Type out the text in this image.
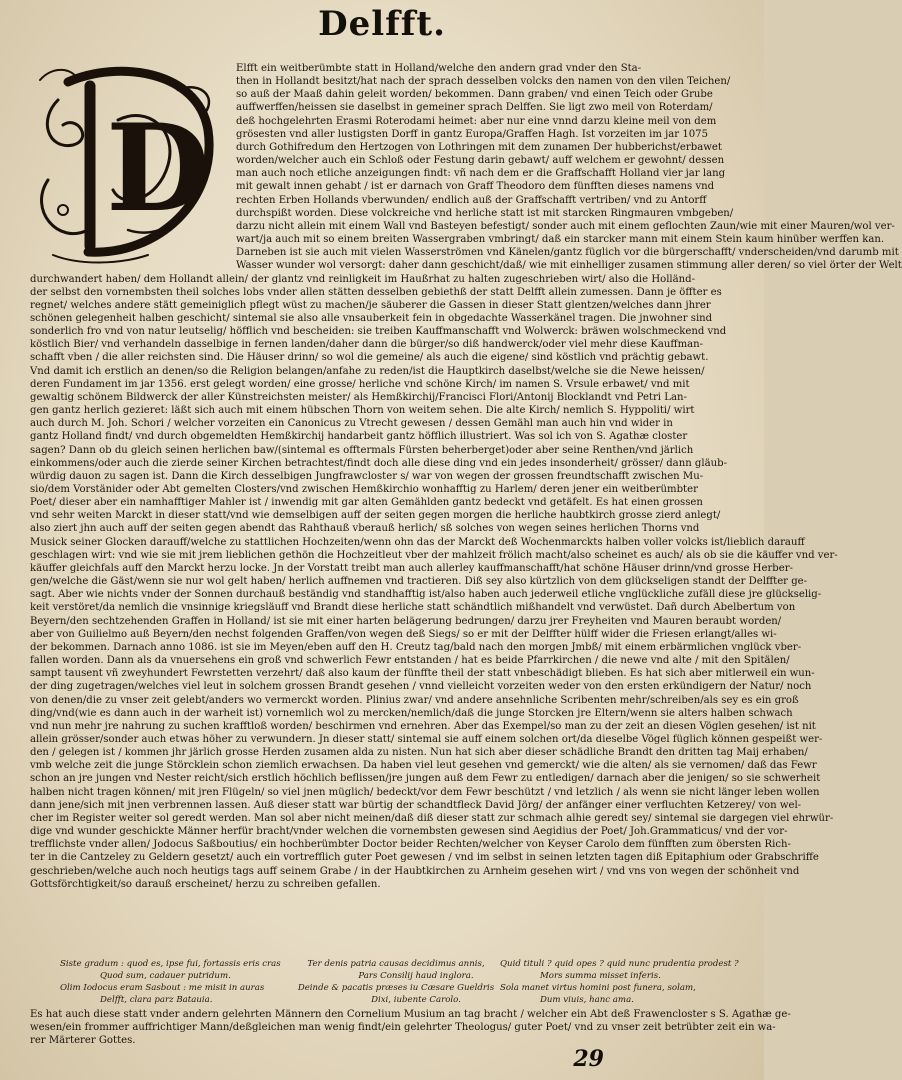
Delfft.
D
Elfft ein weitberümbte statt in Holland/welche den andern grad vnder den Sta-
then in Hollandt besitzt/hat nach der sprach desselben volcks den namen von den vilen Teichen/
so auß der Maaß dahin geleit worden/ bekommen. Dann graben/ vnd einen Teich oder Grube
auffwerffen/heissen sie daselbst in gemeiner sprach Delffen. Sie ligt zwo meil von Roterdam/
deß hochgelehrten Erasmi Roterodami heimet: aber nur eine vnnd darzu kleine meil von dem
grösesten vnd aller lustigsten Dorff in gantz Europa/Graffen Hagh. Ist vorzeiten im jar 1075
durch Gothifredum den Hertzogen von Lothringen mit dem zunamen Der hubberichst/erbawet
worden/welcher auch ein Schloß oder Festung darin gebawt/ auff welchem er gewohnt/ dessen
man auch noch etliche anzeigungen findt: vñ nach dem er die Graffschafft Holland vier jar lang
mit gewalt innen gehabt / ist er darnach von Graff Theodoro dem fünfften dieses namens vnd
rechten Erben Hollands vberwunden/ endlich auß der Graffschafft vertriben/ vnd zu Antorff
durchspißt worden. Diese volckreiche vnd herliche statt ist mit starcken Ringmauren vmbgeben/
darzu nicht allein mit einem Wall vnd Basteyen befestigt/ sonder auch mit einem geflochten Zaun/wie mit einer Mauren/wol ver-
wart/ja auch mit so einem breiten Wassergraben vmbringt/ daß ein starcker mann mit einem Stein kaum hinüber werffen kan.
Darneben ist sie auch mit vielen Wasserströmen vnd Känelen/gantz füglich vor die bürgerschafft/ vnderscheiden/vnd darumb mit
Wasser wunder wol versorgt: daher dann geschicht/daß/ wie mit einhelliger zusamen stimmung aller deren/ so viel örter der Welt
durchwandert haben/ dem Hollandt allein/ der glantz vnd reinligkeit im Haußrhat zu halten zugeschrieben wirt/ also die Holländ-
der selbst den vornembsten theil solches lobs vnder allen stätten desselben gebiethß der statt Delfft allein zumessen. Dann je öffter es
regnet/ welches andere stätt gemeiniglich pflegt wüst zu machen/je säuberer die Gassen in dieser Statt glentzen/welches dann jhrer
schönen gelegenheit halben geschicht/ sintemal sie also alle vnsauberkeit fein in obgedachte Wasserkänel tragen. Die jnwohner sind
sonderlich fro vnd von natur leutselig/ höfflich vnd bescheiden: sie treiben Kauffmanschafft vnd Wolwerck: bräwen wolschmeckend vnd
köstlich Bier/ vnd verhandeln dasselbige in fernen landen/daher dann die bürger/so diß handwerck/oder viel mehr diese Kauffman-
schafft vben / die aller reichsten sind. Die Häuser drinn/ so wol die gemeine/ als auch die eigene/ sind köstlich vnd prächtig gebawt.
Vnd damit ich erstlich an denen/so die Religion belangen/anfahe zu reden/ist die Hauptkirch daselbst/welche sie die Newe heissen/
deren Fundament im jar 1356. erst gelegt worden/ eine grosse/ herliche vnd schöne Kirch/ im namen S. Vrsule erbawet/ vnd mit
gewaltig schönem Bildwerck der aller Künstreichsten meister/ als Hemßkirchij/Francisci Flori/Antonij Blocklandt vnd Petri Lan-
gen gantz herlich gezieret: läßt sich auch mit einem hübschen Thorn von weitem sehen. Die alte Kirch/ nemlich S. Hyppoliti/ wirt
auch durch M. Joh. Schori / welcher vorzeiten ein Canonicus zu Vtrecht gewesen / dessen Gemähl man auch hin vnd wider in
gantz Holland findt/ vnd durch obgemeldten Hemßkirchij handarbeit gantz höfflich illustriert. Was sol ich von S. Agathæ closter
sagen? Dann ob du gleich seinen herlichen baw/(sintemal es offtermals Fürsten beherberget)oder aber seine Renthen/vnd järlich
einkommens/oder auch die zierde seiner Kirchen betrachtest/findt doch alle diese ding vnd ein jedes insonderheit/ grösser/ dann gläub-
würdig dauon zu sagen ist. Dann die Kirch desselbigen Jungfrawcloster s/ war von wegen der grossen freundtschafft zwischen Mu-
sio/dem Vorstänider oder Abt gemelten Closters/vnd zwischen Hemßkirchio wonhafftig zu Harlem/ deren jener ein weitberümbter
Poet/ dieser aber ein namhafftiger Mahler ist / inwendig mit gar alten Gemählden gantz bedeckt vnd getäfelt. Es hat einen grossen
vnd sehr weiten Marckt in dieser statt/vnd wie demselbigen auff der seiten gegen morgen die herliche haubtkirch grosse zierd anlegt/
also ziert jhn auch auff der seiten gegen abendt das Rahthauß vberauß herlich/ sß solches von wegen seines herlichen Thorns vnd
Musick seiner Glocken darauff/welche zu stattlichen Hochzeiten/wenn ohn das der Marckt deß Wochenmarckts halben voller volcks ist/lieblich darauff
geschlagen wirt: vnd wie sie mit jrem lieblichen gethön die Hochzeitleut vber der mahlzeit frölich macht/also scheinet es auch/ als ob sie die käuffer vnd ver-
käuffer gleichfals auff den Marckt herzu locke. Jn der Vorstatt treibt man auch allerley kauffmanschafft/hat schöne Häuser drinn/vnd grosse Herber-
gen/welche die Gäst/wenn sie nur wol gelt haben/ herlich auffnemen vnd tractieren. Diß sey also kürtzlich von dem glückseligen standt der Delffter ge-
sagt. Aber wie nichts vnder der Sonnen durchauß beständig vnd standhafftig ist/also haben auch jederweil etliche vnglückliche zufäll diese jre glückselig-
keit verstöret/da nemlich die vnsinnige kriegsläuff vnd Brandt diese herliche statt schändtlich mißhandelt vnd verwüstet. Dañ durch Abelbertum von
Beyern/den sechtzehenden Graffen in Holland/ ist sie mit einer harten belägerung bedrungen/ darzu jrer Freyheiten vnd Mauren beraubt worden/
aber von Guilielmo auß Beyern/den nechst folgenden Graffen/von wegen deß Siegs/ so er mit der Delffter hülff wider die Friesen erlangt/alles wi-
der bekommen. Darnach anno 1086. ist sie im Meyen/eben auff den H. Creutz tag/bald nach den morgen Jmbß/ mit einem erbärmlichen vnglück vber-
fallen worden. Dann als da vnuersehens ein groß vnd schwerlich Fewr entstanden / hat es beide Pfarrkirchen / die newe vnd alte / mit den Spitälen/
sampt tausent vñ zweyhundert Fewrstetten verzehrt/ daß also kaum der fünffte theil der statt vnbeschädigt blieben. Es hat sich aber mitlerweil ein wun-
der ding zugetragen/welches viel leut in solchem grossen Brandt gesehen / vnnd vielleicht vorzeiten weder von den ersten erkündigern der Natur/ noch
von denen/die zu vnser zeit gelebt/anders wo vermerckt worden. Plinius zwar/ vnd andere ansehnliche Scribenten mehr/schreiben/als sey es ein groß
ding/vnd(wie es dann auch in der warheit ist) vornemlich wol zu mercken/nemlich/daß die junge Storcken jre Eltern/wenn sie alters halben schwach
vnd nun mehr jre nahrung zu suchen krafftloß worden/ beschirmen vnd ernehren. Aber das Exempel/so man zu der zeit an diesen Vöglen gesehen/ ist nit
allein grösser/sonder auch etwas höher zu verwundern. Jn dieser statt/ sintemal sie auff einem solchen ort/da dieselbe Vögel füglich können gespeißt wer-
den / gelegen ist / kommen jhr järlich grosse Herden zusamen alda zu nisten. Nun hat sich aber dieser schädliche Brandt den dritten tag Maij erhaben/
vmb welche zeit die junge Störcklein schon ziemlich erwachsen. Da haben viel leut gesehen vnd gemerckt/ wie die alten/ als sie vernomen/ daß das Fewr
schon an jre jungen vnd Nester reicht/sich erstlich höchlich beflissen/jre jungen auß dem Fewr zu entledigen/ darnach aber die jenigen/ so sie schwerheit
halben nicht tragen können/ mit jren Flügeln/ so viel jnen müglich/ bedeckt/vor dem Fewr beschützt / vnd letzlich / als wenn sie nicht länger leben wollen
dann jene/sich mit jnen verbrennen lassen. Auß dieser statt war bürtig der schandtfleck David Jörg/ der anfänger einer verfluchten Ketzerey/ von wel-
cher im Register weiter sol geredt werden. Man sol aber nicht meinen/daß diß dieser statt zur schmach alhie geredt sey/ sintemal sie dargegen viel ehrwür-
dige vnd wunder geschickte Männer herfür bracht/vnder welchen die vornembsten gewesen sind Aegidius der Poet/ Joh.Grammaticus/ vnd der vor-
trefflichste vnder allen/ Jodocus Saßboutius/ ein hochberümbter Doctor beider Rechten/welcher von Keyser Carolo dem fünfften zum öbersten Rich-
ter in die Cantzeley zu Geldern gesetzt/ auch ein vortrefflich guter Poet gewesen / vnd im selbst in seinen letzten tagen diß Epitaphium oder Grabschriffe
geschrieben/welche auch noch heutigs tags auff seinem Grabe / in der Haubtkirchen zu Arnheim gesehen wirt / vnd vns von wegen der schönheit vnd
Gottsförchtigkeit/so darauß erscheinet/ herzu zu schreiben gefallen.
Siste gradum : quod es, ipse fui, fortassis eris cras
Quod sum, cadauer putridum.
Olim Iodocus eram Sasbout : me misit in auras
Delfft, clara parz Batauia.
Ter denis patria causas decidimus annis,
Pars Consilij haud inglora.
Deinde & pacatis præses iu Cæsare Gueldris
Dixi, iubente Carolo.
Quid tituli ? quid opes ? quid nunc prudentia prodest ?
Mors summa misset inferis.
Sola manet virtus homini post funera, solam,
Dum viuis, hanc ama.
Es hat auch diese statt vnder andern gelehrten Männern den Cornelium Musium an tag bracht / welcher ein Abt deß Frawencloster s S. Agathæ ge-
wesen/ein frommer auffrichtiger Mann/deßgleichen man wenig findt/ein gelehrter Theologus/ guter Poet/ vnd zu vnser zeit betrübter zeit ein wa-
rer Märterer Gottes.
29
